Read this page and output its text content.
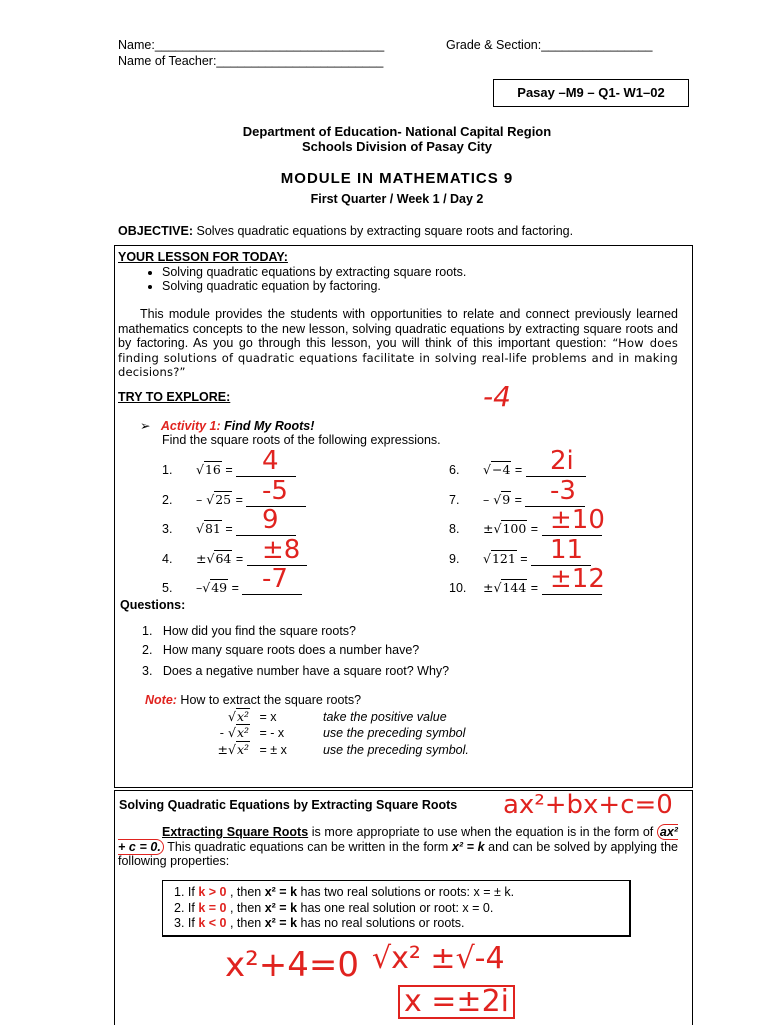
Name:_________________________________	Grade & Section:________________
Name of Teacher:________________________
Pasay –M9 – Q1- W1–02
Department of Education- National Capital Region
Schools Division of Pasay City
MODULE IN MATHEMATICS 9
First Quarter / Week 1 / Day 2
OBJECTIVE: Solves quadratic equations by extracting square roots and factoring.
YOUR LESSON FOR TODAY:
• Solving quadratic equations by extracting square roots.
• Solving quadratic equation by factoring.
This module provides the students with opportunities to relate and connect previously learned mathematics concepts to the new lesson, solving quadratic equations by extracting square roots and by factoring. As you go through this lesson, you will think of this important question: “How does finding solutions of quadratic equations facilitate in solving real-life problems and in making decisions?”
TRY TO EXPLORE:
➢ Activity 1: Find My Roots!
Find the square roots of the following expressions.
-4
1. √16 = 4
2. – √25 = -5
3. √81 = 9
4. ±√64 = ±8
5. –√49 = -7
6. √−4 = 2i
7. – √9 = -3
8. ±√100 = ±10
9. √121 = 11
10. ±√144 = ±12
Questions:
1.   How did you find the square roots?
2.   How many square roots does a number have?
3.   Does a negative number have a square root? Why?
Note: How to extract the square roots?
√x² = x	take the positive value
- √x² = - x	use the preceding symbol
±√x² = ± x	use the preceding symbol.
Solving Quadratic Equations by Extracting Square Roots ax²+bx+c=0
Extracting Square Roots is more appropriate to use when the equation is in the form of ax² + c = 0. This quadratic equations can be written in the form x² = k and can be solved by applying the following properties:
1. If k > 0 , then x² = k has two real solutions or roots: x = ± k.
2. If k = 0 , then x² = k has one real solution or root: x = 0.
3. If k < 0 , then x² = k has no real solutions or roots.
x²+4=0 √x² ±√-4
x =±2i
